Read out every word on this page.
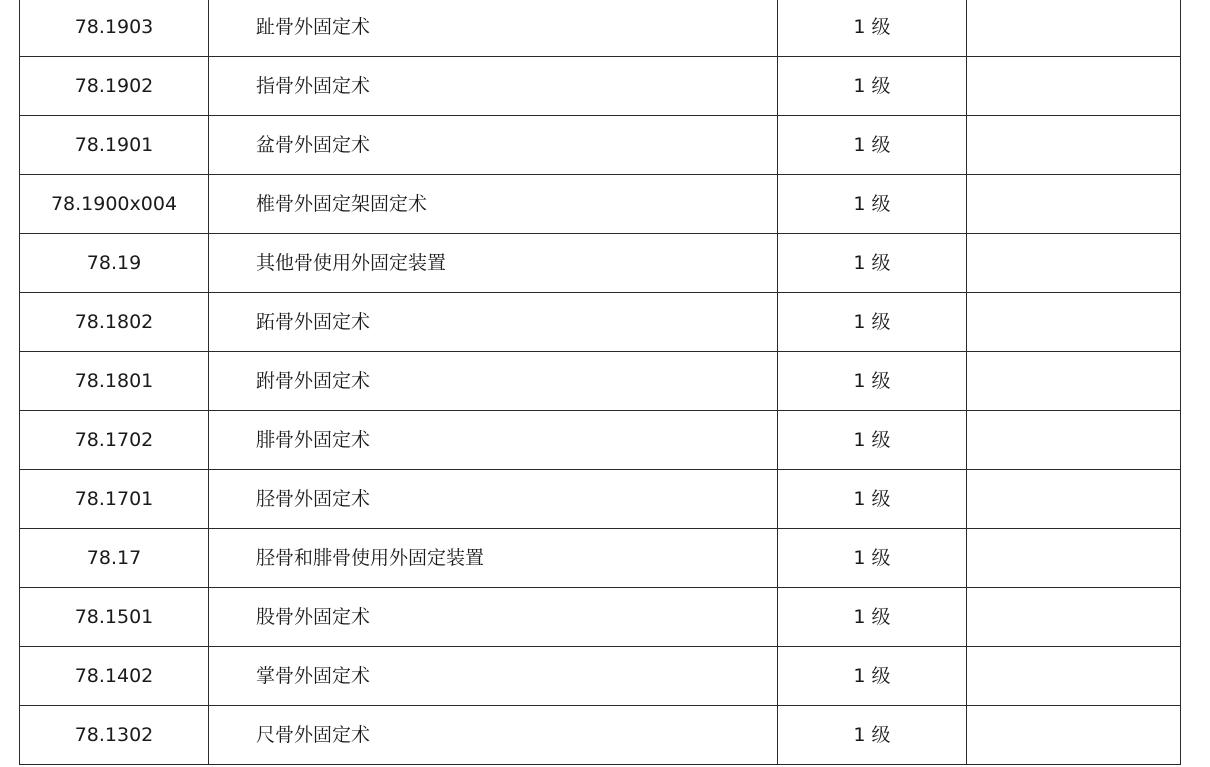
78.1903	趾骨外固定术	1 级	
78.1902	指骨外固定术	1 级	
78.1901	盆骨外固定术	1 级	
78.1900x004	椎骨外固定架固定术	1 级	
78.19	其他骨使用外固定装置	1 级	
78.1802	跖骨外固定术	1 级	
78.1801	跗骨外固定术	1 级	
78.1702	腓骨外固定术	1 级	
78.1701	胫骨外固定术	1 级	
78.17	胫骨和腓骨使用外固定装置	1 级	
78.1501	股骨外固定术	1 级	
78.1402	掌骨外固定术	1 级	
78.1302	尺骨外固定术	1 级	
